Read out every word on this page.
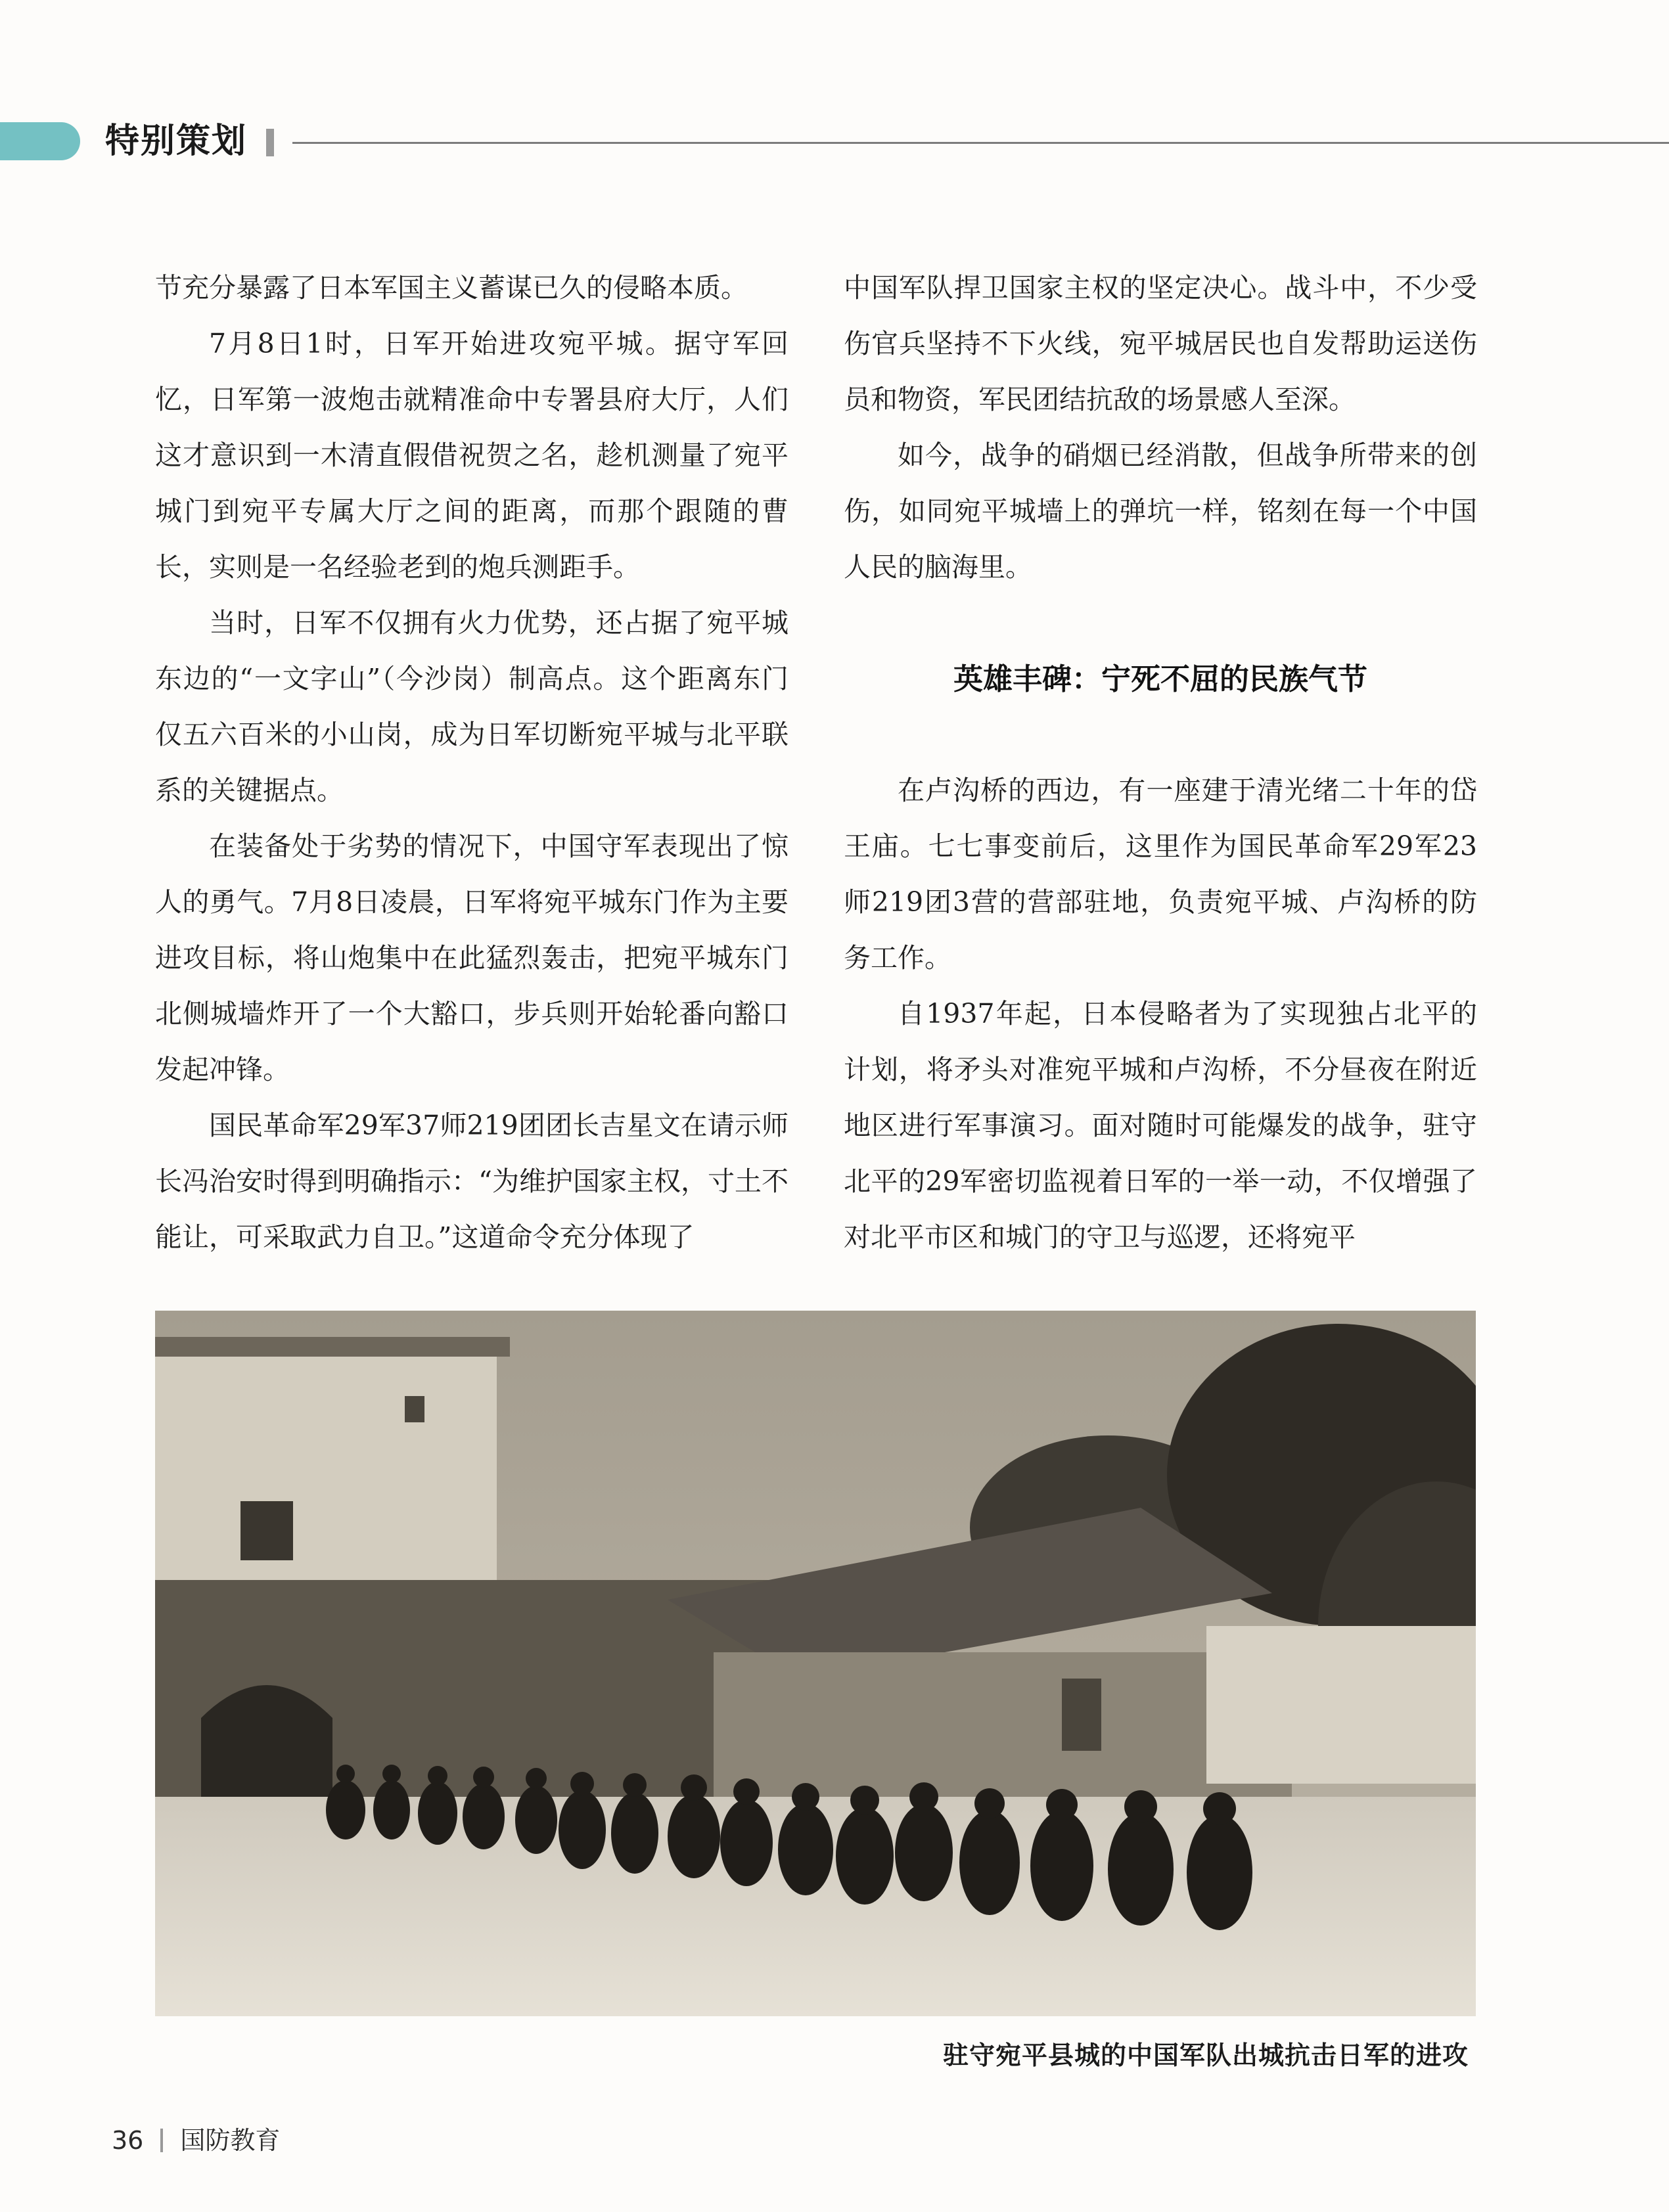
特别策划

节充分暴露了日本军国主义蓄谋已久的侵略本质。

7月8日1时，日军开始进攻宛平城。据守军回忆，日军第一波炮击就精准命中专署县府大厅，人们这才意识到一木清直假借祝贺之名，趁机测量了宛平城门到宛平专属大厅之间的距离，而那个跟随的曹长，实则是一名经验老到的炮兵测距手。

当时，日军不仅拥有火力优势，还占据了宛平城东边的“一文字山”（今沙岗）制高点。这个距离东门仅五六百米的小山岗，成为日军切断宛平城与北平联系的关键据点。

在装备处于劣势的情况下，中国守军表现出了惊人的勇气。7月8日凌晨，日军将宛平城东门作为主要进攻目标，将山炮集中在此猛烈轰击，把宛平城东门北侧城墙炸开了一个大豁口，步兵则开始轮番向豁口发起冲锋。

国民革命军29军37师219团团长吉星文在请示师长冯治安时得到明确指示：“为维护国家主权，寸土不能让，可采取武力自卫。”这道命令充分体现了

中国军队捍卫国家主权的坚定决心。战斗中，不少受伤官兵坚持不下火线，宛平城居民也自发帮助运送伤员和物资，军民团结抗敌的场景感人至深。

如今，战争的硝烟已经消散，但战争所带来的创伤，如同宛平城墙上的弹坑一样，铭刻在每一个中国人民的脑海里。

英雄丰碑：宁死不屈的民族气节

在卢沟桥的西边，有一座建于清光绪二十年的岱王庙。七七事变前后，这里作为国民革命军29军23师219团3营的营部驻地，负责宛平城、卢沟桥的防务工作。

自1937年起，日本侵略者为了实现独占北平的计划，将矛头对准宛平城和卢沟桥，不分昼夜在附近地区进行军事演习。面对随时可能爆发的战争，驻守北平的29军密切监视着日军的一举一动，不仅增强了对北平市区和城门的守卫与巡逻，还将宛平

驻守宛平县城的中国军队出城抗击日军的进攻
36 国防教育
